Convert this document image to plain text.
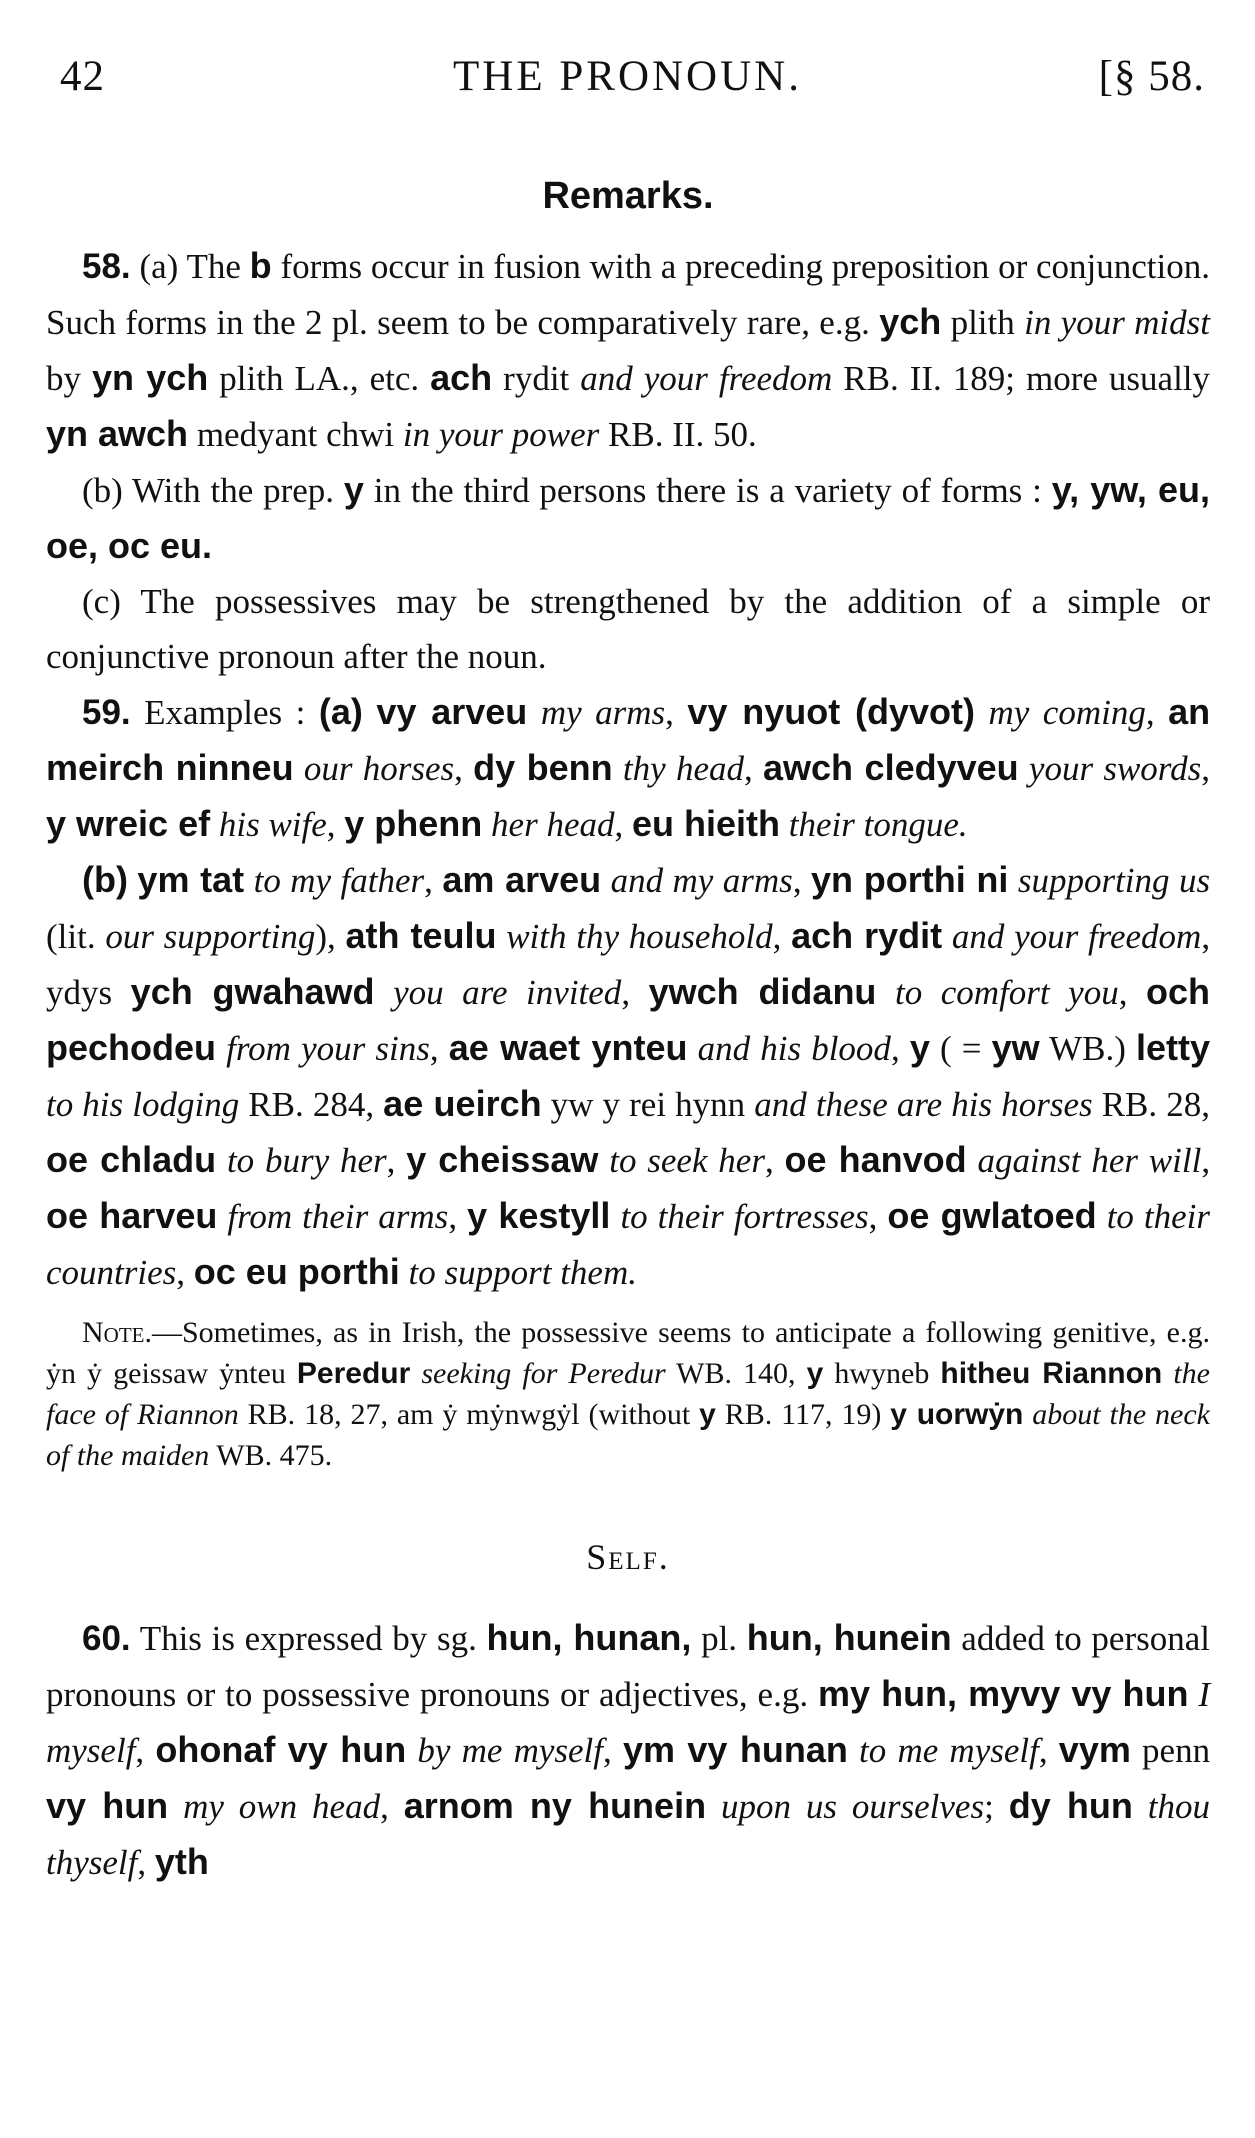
42	THE PRONOUN.	[§ 58.
Remarks.

58. (a) The b forms occur in fusion with a preceding preposition or conjunction. Such forms in the 2 pl. seem to be comparatively rare, e.g. ych plith in your midst by yn ych plith LA., etc. ach rydit and your freedom RB. II. 189; more usually yn awch medyant chwi in your power RB. II. 50.

(b) With the prep. y in the third persons there is a variety of forms : y, yw, eu, oe, oc eu.

(c) The possessives may be strengthened by the addition of a simple or conjunctive pronoun after the noun.

59. Examples : (a) vy arveu my arms, vy nyuot (dyvot) my coming, an meirch ninneu our horses, dy benn thy head, awch cledyveu your swords, y wreic ef his wife, y phenn her head, eu hieith their tongue.

(b) ym tat to my father, am arveu and my arms, yn porthi ni supporting us (lit. our supporting), ath teulu with thy household, ach rydit and your freedom, ydys ych gwahawd you are invited, ywch didanu to comfort you, och pechodeu from your sins, ae waet ynteu and his blood, y ( = yw WB.) letty to his lodging RB. 284, ae ueirch yw y rei hynn and these are his horses RB. 28, oe chladu to bury her, y cheissaw to seek her, oe hanvod against her will, oe harveu from their arms, y kestyll to their fortresses, oe gwlatoed to their countries, oc eu porthi to support them.

Note.—Sometimes, as in Irish, the possessive seems to anticipate a following genitive, e.g. ẏn ẏ geissaw ẏnteu Peredur seeking for Peredur WB. 140, y hwyneb hitheu Riannon the face of Riannon RB. 18, 27, am ẏ mẏnwgẏl (without y RB. 117, 19) y uorwẏn about the neck of the maiden WB. 475.

Self.

60. This is expressed by sg. hun, hunan, pl. hun, hunein added to personal pronouns or to possessive pronouns or adjectives, e.g. my hun, myvy vy hun I myself, ohonaf vy hun by me myself, ym vy hunan to me myself, vym penn vy hun my own head, arnom ny hunein upon us ourselves; dy hun thou thyself, yth
